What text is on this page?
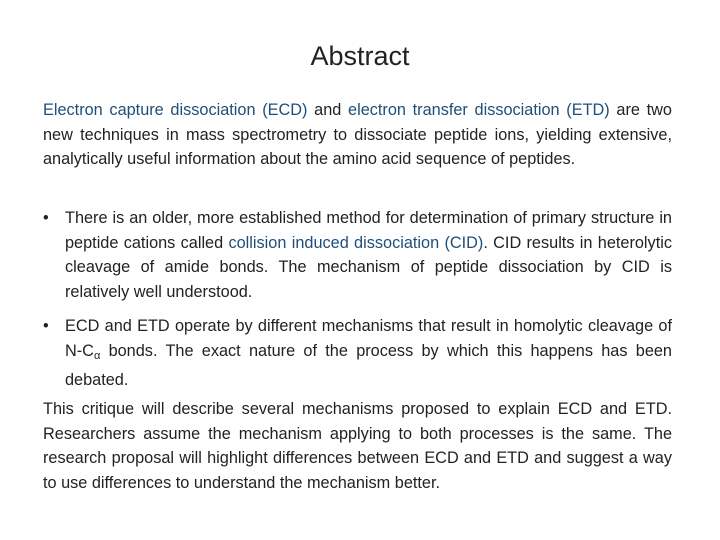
Abstract
Electron capture dissociation (ECD) and electron transfer dissociation (ETD) are two new techniques in mass spectrometry to dissociate peptide ions, yielding extensive, analytically useful information about the amino acid sequence of peptides.
• There is an older, more established method for determination of primary structure in peptide cations called collision induced dissociation (CID). CID results in heterolytic cleavage of amide bonds. The mechanism of peptide dissociation by CID is relatively well understood.
• ECD and ETD operate by different mechanisms that result in homolytic cleavage of $N-C_\alpha$ bonds. The exact nature of the process by which this happens has been debated.
This critique will describe several mechanisms proposed to explain ECD and ETD. Researchers assume the mechanism applying to both processes is the same. The research proposal will highlight differences between ECD and ETD and suggest a way to use differences to understand the mechanism better.
